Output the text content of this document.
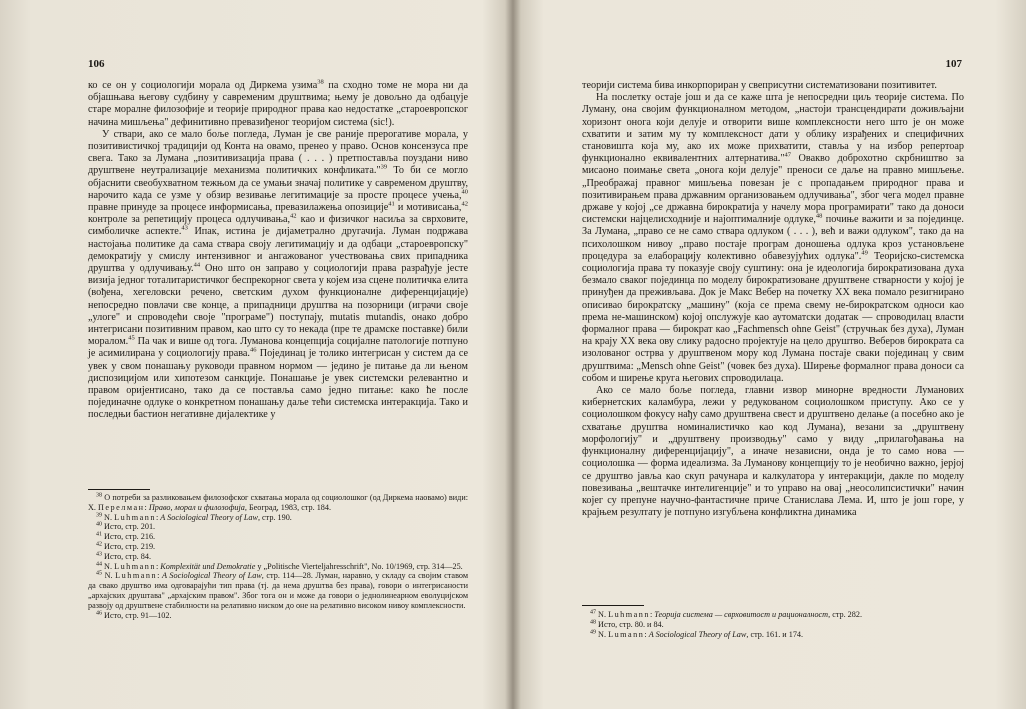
106

ко се он у социологији морала од Диркема узима$^{38}$ па сходно томе не мора ни да објашњава његову судбину у савременим друштвима; њему је довољно да одбацује старе моралне филозофије и теорије природног права као недостатке „староевропског начина мишљења" дефинитивно превазиђеног теоријом система (sic!).

У ствари, ако се мало боље погледа, Луман је све раније прерогативе морала, у позитивистичкој традицији од Конта на овамо, пренео у право. Основ консензуса пре свега. Тако за Лумана „позитивизација права ( . . . ) претпоставља поуздани ниво друштвене неутрализације механизма политичких конфликата."$^{39}$ То би се могло објаснити свеобухватном тежњом да се умањи значај политике у савременом друштву, нарочито када се узме у обзир везивање легитимације за просте процесе учења,$^{40}$ правне принуде за процесе информисања, превазилажења опозиције$^{41}$ и мотивисања,$^{42}$ контроле за репетицију процеса одлучивања,$^{42}$ као и физичког насиља за сврховите, симболичке аспекте.$^{43}$ Ипак, истина је дијаметрално другачија. Луман подржава настојања политике да сама ствара своју легитимацију и да одбаци „староевропску" демократију у смислу интензивног и ангажованог учествовања свих припадника друштва у одлучивању.$^{44}$ Оно што он заправо у социологији права разрађује јесте визија једног тоталитаристичког беспрекорног света у којем иза сцене политичка елита (вођена, хегеловски речено, светским духом функционалне диференцијације) непосредно повлачи све конце, а припадници друштва на позорници (играчи своје „улоге" и спроводећи своје "програме") поступају, mutatis mutandis, онако добро интегрисани позитивним правом, као што су то некада (пре те драмске поставке) били моралом.$^{45}$ Па чак и више од тога. Лумановa концепција социјалне патологије потпуно је асимилирана у социологију права.$^{46}$ Појединац је толико интегрисан у систем да се увек у свом понашању руководи правном нормом — једино је питање да ли њеном диспозицијом или хипотезом санкције. Понашање је увек системски релевантно и правом оријентисано, тако да се поставља само једно питање: како ће после појединачне одлуке о конкретном понашању даље тећи системска интеракција. Тако и последњи бастион негативне дијалектике у

$^{38}$ О потреби за разликовањем филозофског схватања морала од социолошког (од Диркема наовамо) види: Х. Перелман: Право, морал и филозофија, Београд, 1983, стр. 184.
$^{39}$ N. Luhmann: A Sociological Theory of Law, стр. 190.
$^{40}$ Исто, стр. 201.
$^{41}$ Исто, стр. 216.
$^{42}$ Исто, стр. 219.
$^{43}$ Исто, стр. 84.
$^{44}$ N. Luhmann: Komplexität und Demokratie у „Politische Vierteljahresschrift", No. 10/1969, стр. 314—25.
$^{45}$ N. Luhmann: A Sociological Theory of Law, стр. 114—28. Луман, наравно, у складу са својим ставом да свако друштво има одговарајући тип права (тј. да нема друштва без права), говори о интегрисаности „архајских друштава" „архајским правом". Због тога он и може да говори о једнолинеарном еволуцијском развоју од друштвене стабилности на релативно ниском до оне на релативно високом нивоу комплексности.
$^{46}$ Исто, стр. 91—102.
107

теорији система бива инкорпориран у свеприсутни систематизовани позитивитет.

На послетку остаје још и да се каже шта је непосредни циљ теорије система. По Луману, она својим функционалном методом, „настоји трансцендирати доживљајни хоризонт онога који делује и отворити више комплексности него што је он може схватити и затим му ту комплексност дати у облику израђених и специфичних становишта која му, ако их може прихватити, ставља у на избор репертоар функционално еквивалентних алтернатива."$^{47}$ Овакво доброхотно скрбништво за мисаоно поимање света „онога који делује" преноси се даље на правно мишљење. „Преображај правног мишљења повезан је с пропадањем природног права и позитивирањем права државним организовањем одлучивања", због чега модел правне државе у којој „се државна бирократија у начелу мора програмирати" тако да доноси системски најцелисходније и најоптималније одлуке,$^{48}$ почиње важити и за појединце. За Лумана, „право се не само ствара одлуком ( . . . ), већ и важи одлуком", тако да на психолошком нивоу „право постаје програм доношења одлука кроз установљене процедура за елаборацију колективно обавезујућих одлука".$^{49}$ Теоријско-системска социологија права ту показује своју суштину: она је идеологија бирократизована духа безмало сваког појединца по моделу бирократизоване друштвене стварности у којој је принуђен да преживљава. Док је Макс Вебер на почетку XX века помало резигнирано описивао бирократску „машину" (која се према свему не-бирократском односи као према не-машинском) којој опслужује као аутоматски додатак — спроводилац власти формалног права — бирократ као „Fachmensch ohne Geist" (стручњак без духа), Луман на крају XX века ову слику радосно пројектује на цело друштво. Веберов бирократа са изолованог острва у друштвеном мору код Лумана постаје сваки појединац у свим друштвима: „Mensch ohne Geist" (човек без духа). Ширење формалног права доноси са собом и ширење круга његових спроводилаца.

Ако се мало боље погледа, главни извор минорне вредности Лумановиx кибернетских каламбура, лежи у редукованом социолошком приступу. Ако се у социолошком фокусу нађу само друштвена свест и друштвено делање (а посебно ако је схватање друштва номиналистичко као код Лумана), везани за „друштвену морфологију" и „друштвену производњу" само у виду „прилагођавања на функционалну диференцијацију", а иначе независни, онда је то само нова — социолошка — форма идеализма. За Луманову концепцију то је необично важно, јерјој се друштво јавља као скуп рачунара и калкулатора у интеракцији, дакле по моделу повезивања „вештачке интелигенције" и то управо на овај „неосолипсистички" начин којег су препуне научно-фантастичне приче Станислава Лема. И, што је још горе, у крајњем резултату је потпуно изгубљена конфликтна динамика

$^{47}$ N. Luhmann: Теорија система — сврховитост и рационалност, стр. 282.
$^{48}$ Исто, стр. 80. и 84.
$^{49}$ N. Lumann: A Sociological Theory of Law, стр. 161. и 174.
